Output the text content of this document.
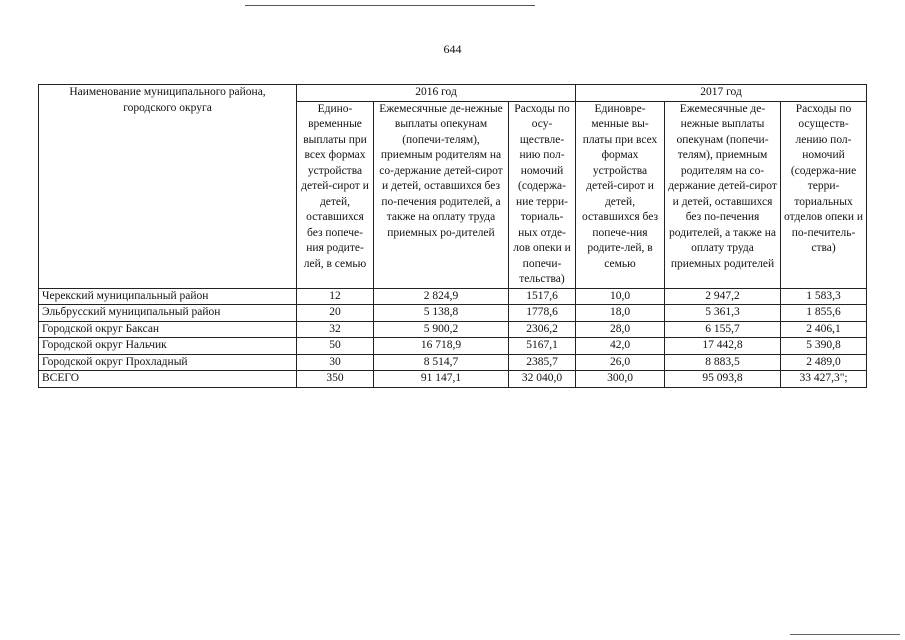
644
Наименование муниципального района, городского округа	2016 год			2017 год		
	Едино-временные выплаты при всех формах устройства детей-сирот и детей, оставшихся без попече-ния родите-лей, в семью	Ежемесячные де-нежные выплаты опекунам (попечи-телям), приемным родителям на со-держание детей-сирот и детей, оставшихся без по-печения родителей, а также на оплату труда приемных ро-дителей	Расходы по осу-ществле-нию пол-номочий (содержа-ние терри-ториаль-ных отде-лов опеки и попечи-тельства)	Единовре-менные вы-платы при всех формах устройства детей-сирот и детей, оставшихся без попече-ния родите-лей, в семью	Ежемесячные де-нежные выплаты опекунам (попечи-телям), приемным родителям на со-держание детей-сирот и детей, оставшихся без по-печения родителей, а также на оплату труда приемных родителей	Расходы по осуществ-лению пол-номочий (содержа-ние терри-ториальных отделов опеки и по-печитель-ства)
Черекский муниципальный район	12	2 824,9	1517,6	10,0	2 947,2	1 583,3
Эльбрусский муниципальный район	20	5 138,8	1778,6	18,0	5 361,3	1 855,6
Городской округ Баксан	32	5 900,2	2306,2	28,0	6 155,7	2 406,1
Городской округ Нальчик	50	16 718,9	5167,1	42,0	17 442,8	5 390,8
Городской округ Прохладный	30	8 514,7	2385,7	26,0	8 883,5	2 489,0
ВСЕГО	350	91 147,1	32 040,0	300,0	95 093,8	33 427,3";
